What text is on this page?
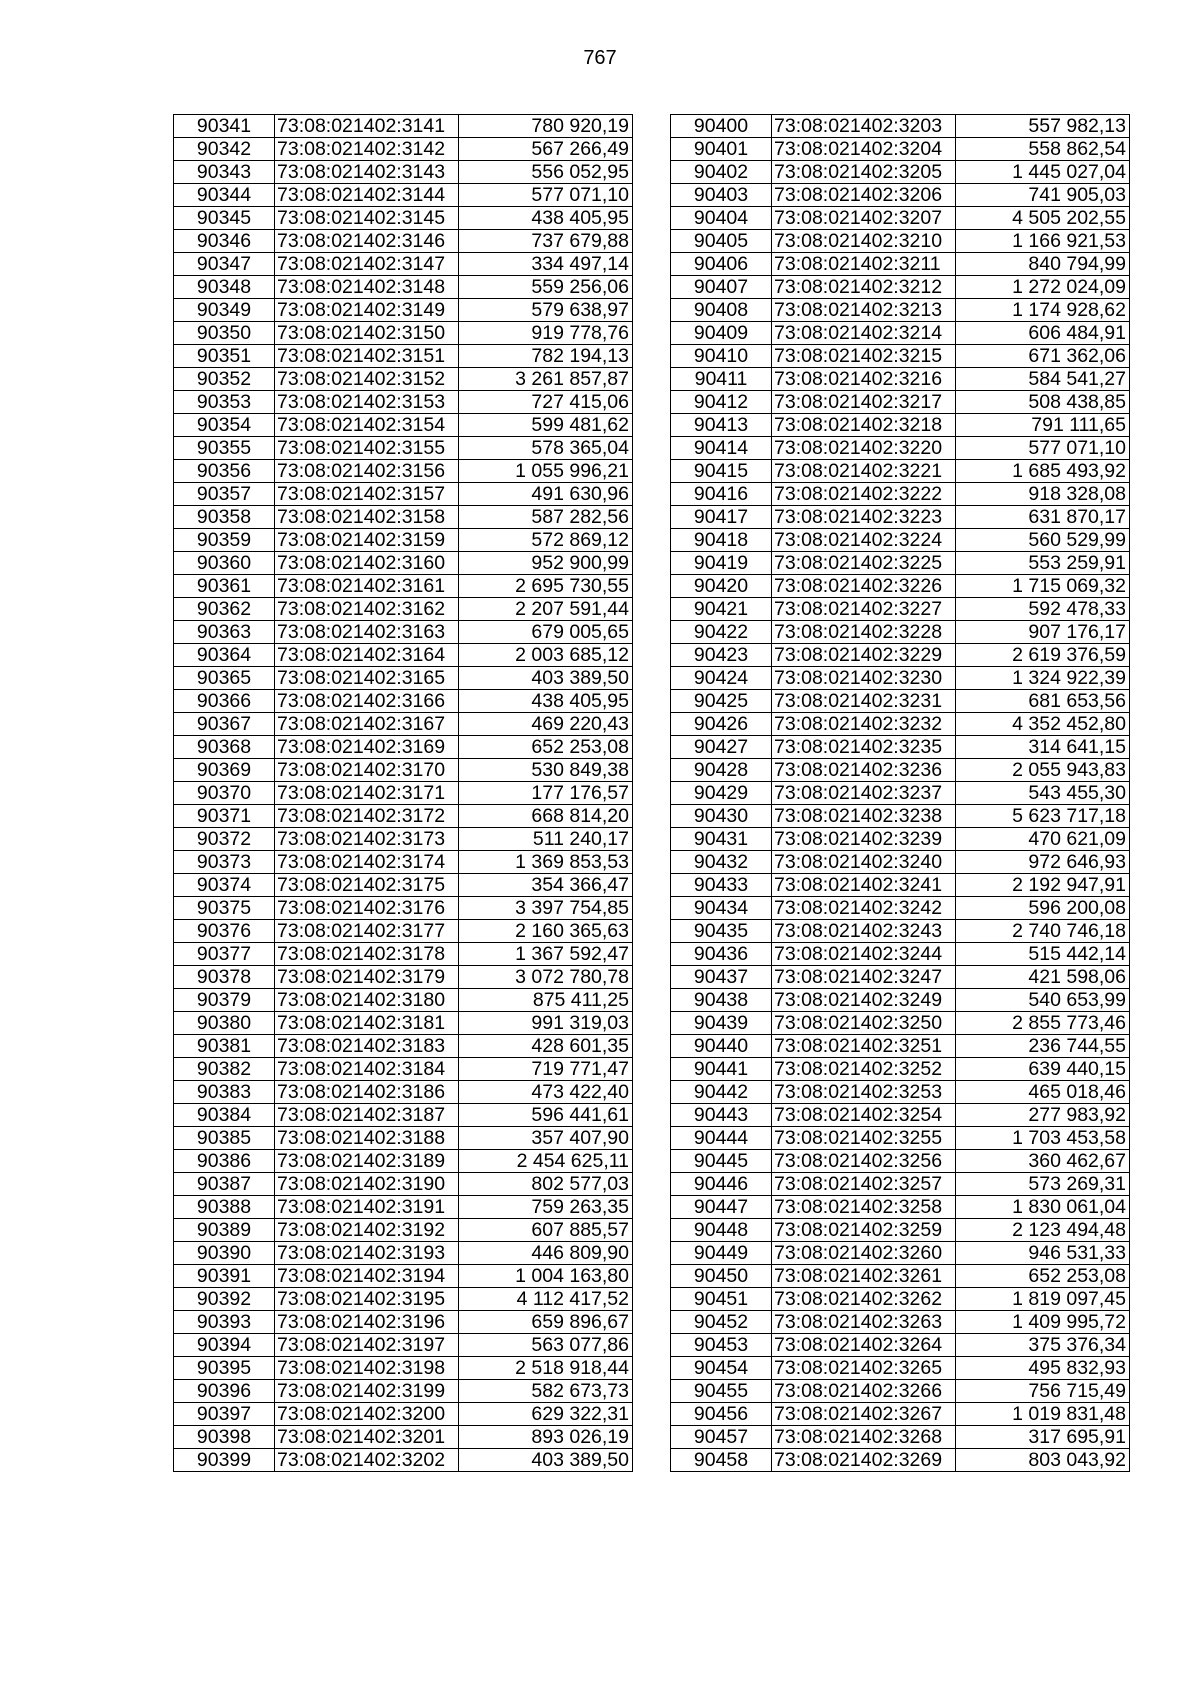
767
90341	73:08:021402:3141	780 920,19
90342	73:08:021402:3142	567 266,49
90343	73:08:021402:3143	556 052,95
90344	73:08:021402:3144	577 071,10
90345	73:08:021402:3145	438 405,95
90346	73:08:021402:3146	737 679,88
90347	73:08:021402:3147	334 497,14
90348	73:08:021402:3148	559 256,06
90349	73:08:021402:3149	579 638,97
90350	73:08:021402:3150	919 778,76
90351	73:08:021402:3151	782 194,13
90352	73:08:021402:3152	3 261 857,87
90353	73:08:021402:3153	727 415,06
90354	73:08:021402:3154	599 481,62
90355	73:08:021402:3155	578 365,04
90356	73:08:021402:3156	1 055 996,21
90357	73:08:021402:3157	491 630,96
90358	73:08:021402:3158	587 282,56
90359	73:08:021402:3159	572 869,12
90360	73:08:021402:3160	952 900,99
90361	73:08:021402:3161	2 695 730,55
90362	73:08:021402:3162	2 207 591,44
90363	73:08:021402:3163	679 005,65
90364	73:08:021402:3164	2 003 685,12
90365	73:08:021402:3165	403 389,50
90366	73:08:021402:3166	438 405,95
90367	73:08:021402:3167	469 220,43
90368	73:08:021402:3169	652 253,08
90369	73:08:021402:3170	530 849,38
90370	73:08:021402:3171	177 176,57
90371	73:08:021402:3172	668 814,20
90372	73:08:021402:3173	511 240,17
90373	73:08:021402:3174	1 369 853,53
90374	73:08:021402:3175	354 366,47
90375	73:08:021402:3176	3 397 754,85
90376	73:08:021402:3177	2 160 365,63
90377	73:08:021402:3178	1 367 592,47
90378	73:08:021402:3179	3 072 780,78
90379	73:08:021402:3180	875 411,25
90380	73:08:021402:3181	991 319,03
90381	73:08:021402:3183	428 601,35
90382	73:08:021402:3184	719 771,47
90383	73:08:021402:3186	473 422,40
90384	73:08:021402:3187	596 441,61
90385	73:08:021402:3188	357 407,90
90386	73:08:021402:3189	2 454 625,11
90387	73:08:021402:3190	802 577,03
90388	73:08:021402:3191	759 263,35
90389	73:08:021402:3192	607 885,57
90390	73:08:021402:3193	446 809,90
90391	73:08:021402:3194	1 004 163,80
90392	73:08:021402:3195	4 112 417,52
90393	73:08:021402:3196	659 896,67
90394	73:08:021402:3197	563 077,86
90395	73:08:021402:3198	2 518 918,44
90396	73:08:021402:3199	582 673,73
90397	73:08:021402:3200	629 322,31
90398	73:08:021402:3201	893 026,19
90399	73:08:021402:3202	403 389,50
90400	73:08:021402:3203	557 982,13
90401	73:08:021402:3204	558 862,54
90402	73:08:021402:3205	1 445 027,04
90403	73:08:021402:3206	741 905,03
90404	73:08:021402:3207	4 505 202,55
90405	73:08:021402:3210	1 166 921,53
90406	73:08:021402:3211	840 794,99
90407	73:08:021402:3212	1 272 024,09
90408	73:08:021402:3213	1 174 928,62
90409	73:08:021402:3214	606 484,91
90410	73:08:021402:3215	671 362,06
90411	73:08:021402:3216	584 541,27
90412	73:08:021402:3217	508 438,85
90413	73:08:021402:3218	791 111,65
90414	73:08:021402:3220	577 071,10
90415	73:08:021402:3221	1 685 493,92
90416	73:08:021402:3222	918 328,08
90417	73:08:021402:3223	631 870,17
90418	73:08:021402:3224	560 529,99
90419	73:08:021402:3225	553 259,91
90420	73:08:021402:3226	1 715 069,32
90421	73:08:021402:3227	592 478,33
90422	73:08:021402:3228	907 176,17
90423	73:08:021402:3229	2 619 376,59
90424	73:08:021402:3230	1 324 922,39
90425	73:08:021402:3231	681 653,56
90426	73:08:021402:3232	4 352 452,80
90427	73:08:021402:3235	314 641,15
90428	73:08:021402:3236	2 055 943,83
90429	73:08:021402:3237	543 455,30
90430	73:08:021402:3238	5 623 717,18
90431	73:08:021402:3239	470 621,09
90432	73:08:021402:3240	972 646,93
90433	73:08:021402:3241	2 192 947,91
90434	73:08:021402:3242	596 200,08
90435	73:08:021402:3243	2 740 746,18
90436	73:08:021402:3244	515 442,14
90437	73:08:021402:3247	421 598,06
90438	73:08:021402:3249	540 653,99
90439	73:08:021402:3250	2 855 773,46
90440	73:08:021402:3251	236 744,55
90441	73:08:021402:3252	639 440,15
90442	73:08:021402:3253	465 018,46
90443	73:08:021402:3254	277 983,92
90444	73:08:021402:3255	1 703 453,58
90445	73:08:021402:3256	360 462,67
90446	73:08:021402:3257	573 269,31
90447	73:08:021402:3258	1 830 061,04
90448	73:08:021402:3259	2 123 494,48
90449	73:08:021402:3260	946 531,33
90450	73:08:021402:3261	652 253,08
90451	73:08:021402:3262	1 819 097,45
90452	73:08:021402:3263	1 409 995,72
90453	73:08:021402:3264	375 376,34
90454	73:08:021402:3265	495 832,93
90455	73:08:021402:3266	756 715,49
90456	73:08:021402:3267	1 019 831,48
90457	73:08:021402:3268	317 695,91
90458	73:08:021402:3269	803 043,92
